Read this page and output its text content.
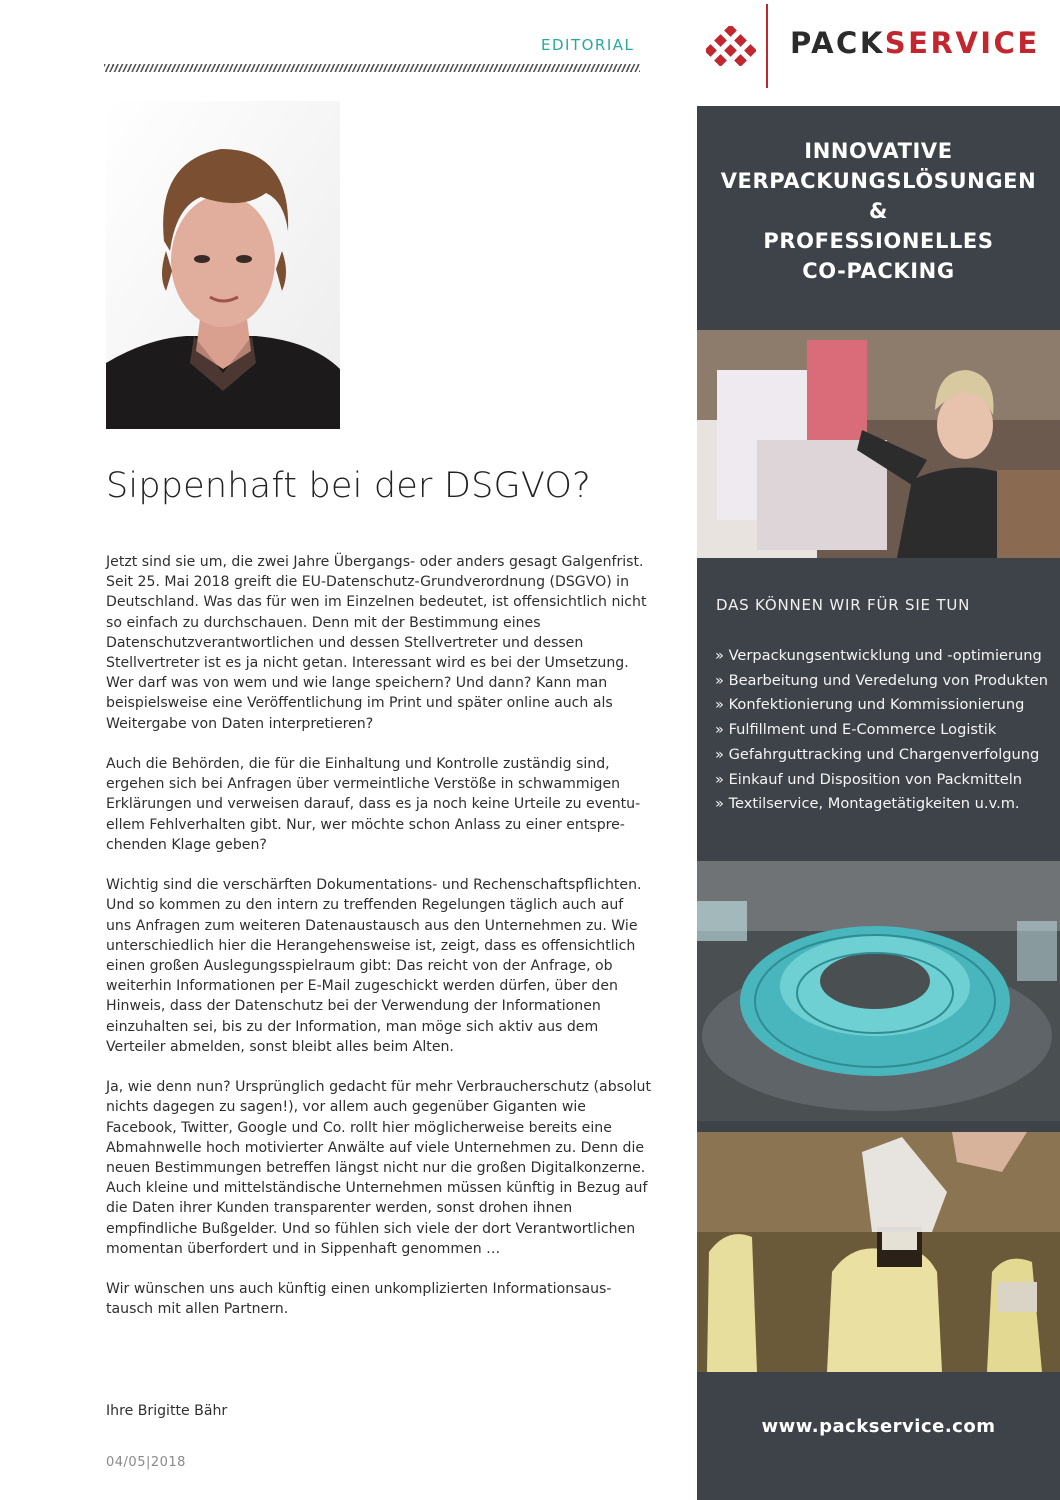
EDITORIAL
Sippenhaft bei der DSGVO?

Jetzt sind sie um, die zwei Jahre Übergangs- oder anders gesagt Galgenfrist. Seit 25. Mai 2018 greift die EU-Datenschutz-Grundverordnung (DSGVO) in Deutschland. Was das für wen im Einzelnen bedeutet, ist offensichtlich nicht so einfach zu durchschauen. Denn mit der Bestimmung eines Datenschutzverantwortlichen und dessen Stellvertreter und dessen Stellvertreter ist es ja nicht getan. Interessant wird es bei der Umsetzung. Wer darf was von wem und wie lange speichern? Und dann? Kann man beispielsweise eine Veröffentlichung im Print und später online auch als Weitergabe von Daten interpretieren?

Auch die Behörden, die für die Einhaltung und Kontrolle zuständig sind, ergehen sich bei Anfragen über vermeintliche Verstöße in schwammigen Erklärungen und verweisen darauf, dass es ja noch keine Urteile zu eventuellem Fehlverhalten gibt. Nur, wer möchte schon Anlass zu einer entsprechenden Klage geben?

Wichtig sind die verschärften Dokumentations- und Rechenschaftspflichten. Und so kommen zu den intern zu treffenden Regelungen täglich auch auf uns Anfragen zum weiteren Datenaustausch aus den Unternehmen zu. Wie unterschiedlich hier die Herangehensweise ist, zeigt, dass es offensichtlich einen großen Auslegungsspielraum gibt: Das reicht von der Anfrage, ob weiterhin Informationen per E-Mail zugeschickt werden dürfen, über den Hinweis, dass der Datenschutz bei der Verwendung der Informationen einzuhalten sei, bis zu der Information, man möge sich aktiv aus dem Verteiler abmelden, sonst bleibt alles beim Alten.

Ja, wie denn nun? Ursprünglich gedacht für mehr Verbraucherschutz (absolut nichts dagegen zu sagen!), vor allem auch gegenüber Giganten wie Facebook, Twitter, Google und Co. rollt hier möglicherweise bereits eine Abmahnwelle hoch motivierter Anwälte auf viele Unternehmen zu. Denn die neuen Bestimmungen betreffen längst nicht nur die großen Digitalkonzerne. Auch kleine und mittelständische Unternehmen müssen künftig in Bezug auf die Daten ihrer Kunden transparenter werden, sonst drohen ihnen empfindliche Bußgelder. Und so fühlen sich viele der dort Verantwortlichen momentan überfordert und in Sippenhaft genommen …

Wir wünschen uns auch künftig einen unkomplizierten Informationsaustausch mit allen Partnern.

Ihre Brigitte Bähr
04/05|2018
PACKSERVICE
INNOVATIVE
VERPACKUNGSLÖSUNGEN
&
PROFESSIONELLES
CO-PACKING
DAS KÖNNEN WIR FÜR SIE TUN
» Verpackungsentwicklung und -optimierung
» Bearbeitung und Veredelung von Produkten
» Konfektionierung und Kommissionierung
» Fulfillment und E-Commerce Logistik
» Gefahrguttracking und Chargenverfolgung
» Einkauf und Disposition von Packmitteln
» Textilservice, Montagetätigkeiten u.v.m.
www.packservice.com
